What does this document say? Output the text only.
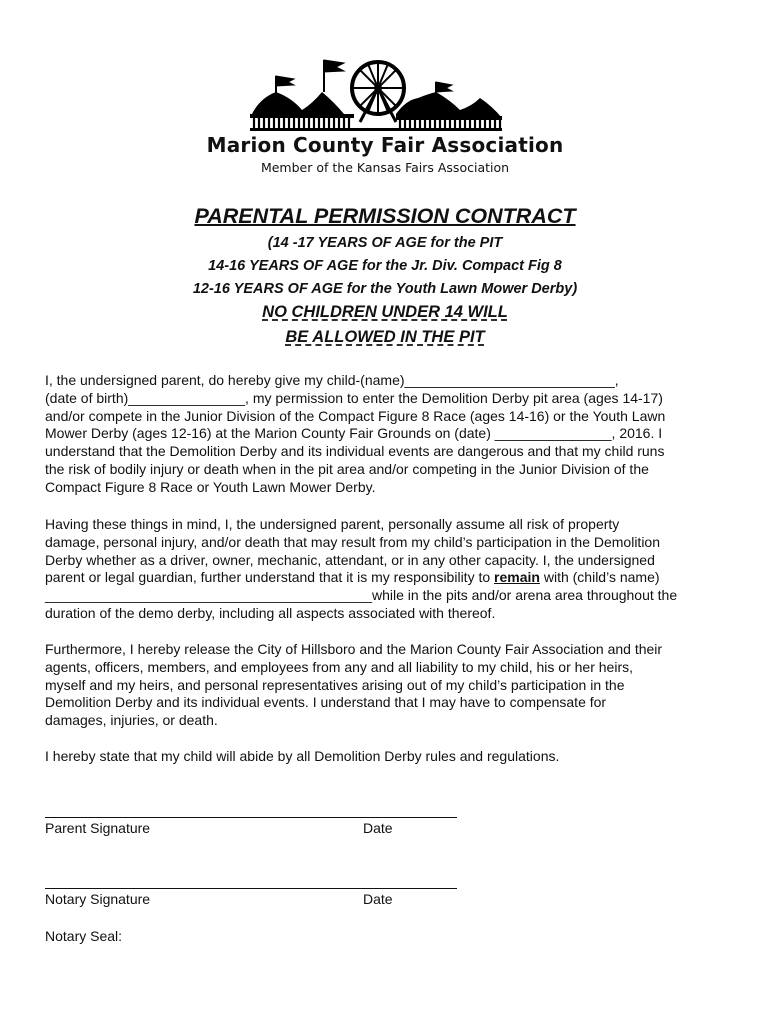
Marion County Fair Association
Member of the Kansas Fairs Association
PARENTAL PERMISSION CONTRACT
(14 -17 YEARS OF AGE for the PIT
14-16 YEARS OF AGE for the Jr. Div. Compact Fig 8
12-16 YEARS OF AGE for the Youth Lawn Mower Derby)
NO CHILDREN UNDER 14 WILL
BE ALLOWED IN THE PIT
I, the undersigned parent, do hereby give my child-(name)___________________________,
(date of birth)_______________, my permission to enter the Demolition Derby pit area (ages 14-17)
and/or compete in the Junior Division of the Compact Figure 8 Race (ages 14-16) or the Youth Lawn
Mower Derby (ages 12-16) at the Marion County Fair Grounds on (date) _______________, 2016. I
understand that the Demolition Derby and its individual events are dangerous and that my child runs
the risk of bodily injury or death when in the pit area and/or competing in the Junior Division of the
Compact Figure 8 Race or Youth Lawn Mower Derby.
Having these things in mind, I, the undersigned parent, personally assume all risk of property
damage, personal injury, and/or death that may result from my child’s participation in the Demolition
Derby whether as a driver, owner, mechanic, attendant, or in any other capacity. I, the undersigned
parent or legal guardian, further understand that it is my responsibility to remain with (child’s name)
__________________________________________while in the pits and/or arena area throughout the
duration of the demo derby, including all aspects associated with thereof.
Furthermore, I hereby release the City of Hillsboro and the Marion County Fair Association and their
agents, officers, members, and employees from any and all liability to my child, his or her heirs,
myself and my heirs, and personal representatives arising out of my child’s participation in the
Demolition Derby and its individual events. I understand that I may have to compensate for
damages, injuries, or death.
I hereby state that my child will abide by all Demolition Derby rules and regulations.
Parent Signature	Date
Notary Signature	Date
Notary Seal:
